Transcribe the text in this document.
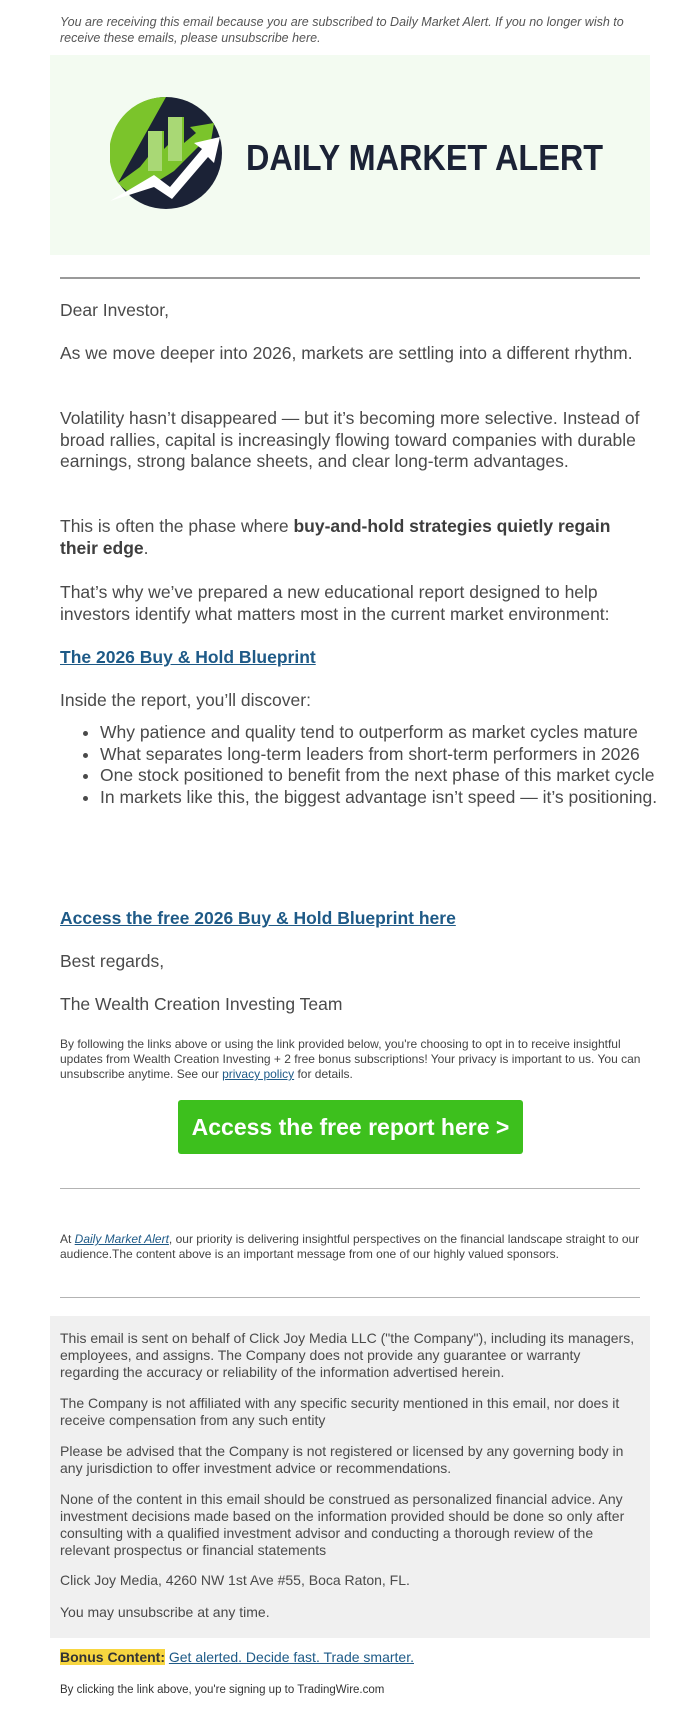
You are receiving this email because you are subscribed to Daily Market Alert. If you no longer wish to receive these emails, please unsubscribe here.
DAILY MARKET ALERT
Dear Investor,
As we move deeper into 2026, markets are settling into a different rhythm.
Volatility hasn’t disappeared — but it’s becoming more selective. Instead of broad rallies, capital is increasingly flowing toward companies with durable earnings, strong balance sheets, and clear long-term advantages.
This is often the phase where buy-and-hold strategies quietly regain their edge.
That’s why we’ve prepared a new educational report designed to help investors identify what matters most in the current market environment:
The 2026 Buy & Hold Blueprint
Inside the report, you’ll discover:
• Why patience and quality tend to outperform as market cycles mature
• What separates long-term leaders from short-term performers in 2026
• One stock positioned to benefit from the next phase of this market cycle
• In markets like this, the biggest advantage isn’t speed — it’s positioning.
Access the free 2026 Buy & Hold Blueprint here
Best regards,
The Wealth Creation Investing Team
By following the links above or using the link provided below, you're choosing to opt in to receive insightful updates from Wealth Creation Investing + 2 free bonus subscriptions! Your privacy is important to us. You can unsubscribe anytime. See our privacy policy for details.
Access the free report here >
At Daily Market Alert, our priority is delivering insightful perspectives on the financial landscape straight to our audience.The content above is an important message from one of our highly valued sponsors.
This email is sent on behalf of Click Joy Media LLC ("the Company"), including its managers, employees, and assigns. The Company does not provide any guarantee or warranty regarding the accuracy or reliability of the information advertised herein.
The Company is not affiliated with any specific security mentioned in this email, nor does it receive compensation from any such entity
Please be advised that the Company is not registered or licensed by any governing body in any jurisdiction to offer investment advice or recommendations.
None of the content in this email should be construed as personalized financial advice. Any investment decisions made based on the information provided should be done so only after consulting with a qualified investment advisor and conducting a thorough review of the relevant prospectus or financial statements
Click Joy Media, 4260 NW 1st Ave #55, Boca Raton, FL.
You may unsubscribe at any time.
Bonus Content: Get alerted. Decide fast. Trade smarter.
By clicking the link above, you're signing up to TradingWire.com
